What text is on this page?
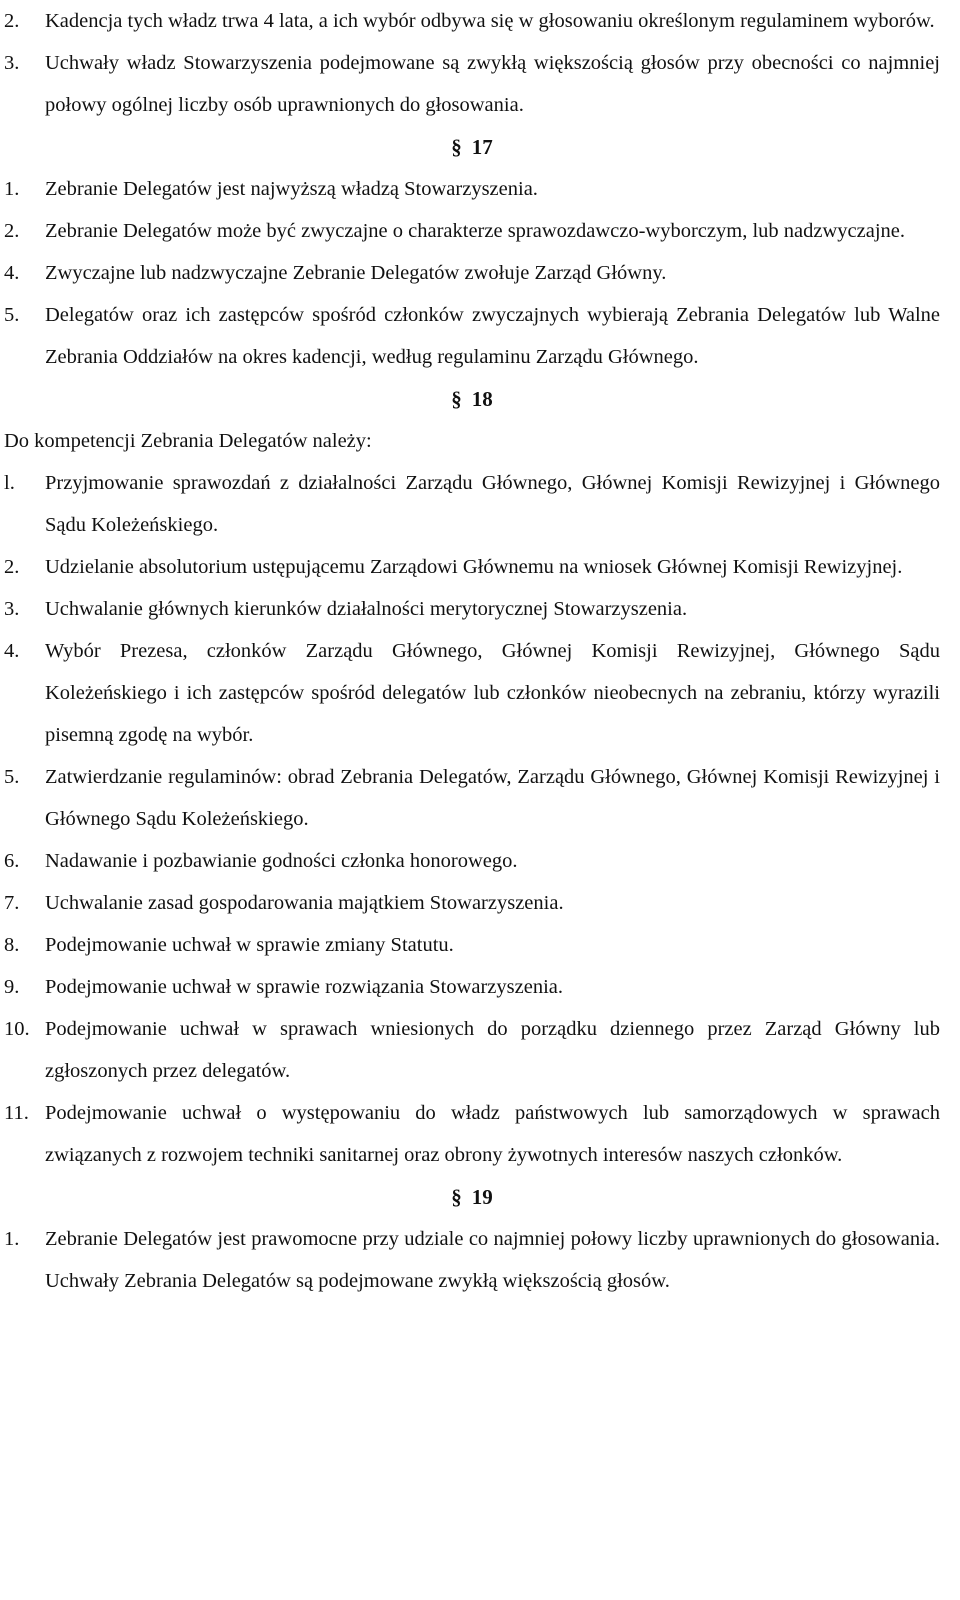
2.	Kadencja tych władz trwa 4 lata, a ich wybór odbywa się w głosowaniu określonym regulaminem wyborów.
3.	Uchwały władz Stowarzyszenia podejmowane są zwykłą większością głosów przy obecności co najmniej połowy ogólnej liczby osób uprawnionych do głosowania.
§ 17
1.	Zebranie Delegatów jest najwyższą władzą Stowarzyszenia.
2.	Zebranie Delegatów może być zwyczajne o charakterze sprawozdawczo-wyborczym, lub nadzwyczajne.
4.	Zwyczajne lub nadzwyczajne Zebranie Delegatów zwołuje Zarząd Główny.
5.	Delegatów oraz ich zastępców spośród członków zwyczajnych wybierają Zebrania Delegatów lub Walne Zebrania Oddziałów na okres kadencji, według regulaminu Zarządu Głównego.
§ 18
Do kompetencji Zebrania Delegatów należy:
l.	Przyjmowanie sprawozdań z działalności Zarządu Głównego, Głównej Komisji Rewizyjnej i Głównego Sądu Koleżeńskiego.
2.	Udzielanie absolutorium ustępującemu Zarządowi Głównemu na wniosek Głównej Komisji Rewizyjnej.
3.	Uchwalanie głównych kierunków działalności merytorycznej Stowarzyszenia.
4.	Wybór Prezesa, członków Zarządu Głównego, Głównej Komisji Rewizyjnej, Głównego Sądu Koleżeńskiego i ich zastępców spośród delegatów lub członków nieobecnych na zebraniu, którzy wyrazili pisemną zgodę na wybór.
5.	Zatwierdzanie regulaminów: obrad Zebrania Delegatów, Zarządu Głównego, Głównej Komisji Rewizyjnej i Głównego Sądu Koleżeńskiego.
6.	Nadawanie i pozbawianie godności członka honorowego.
7.	Uchwalanie zasad gospodarowania majątkiem Stowarzyszenia.
8.	Podejmowanie uchwał w sprawie zmiany Statutu.
9.	Podejmowanie uchwał w sprawie rozwiązania Stowarzyszenia.
10. Podejmowanie uchwał w sprawach wniesionych do porządku dziennego przez Zarząd Główny lub zgłoszonych przez delegatów.
11. Podejmowanie uchwał o występowaniu do władz państwowych lub samorządowych w sprawach związanych z rozwojem techniki sanitarnej oraz obrony żywotnych interesów naszych członków.
§ 19
1.	Zebranie Delegatów jest prawomocne przy udziale co najmniej połowy liczby uprawnionych do głosowania. Uchwały Zebrania Delegatów są podejmowane zwykłą większością głosów.
